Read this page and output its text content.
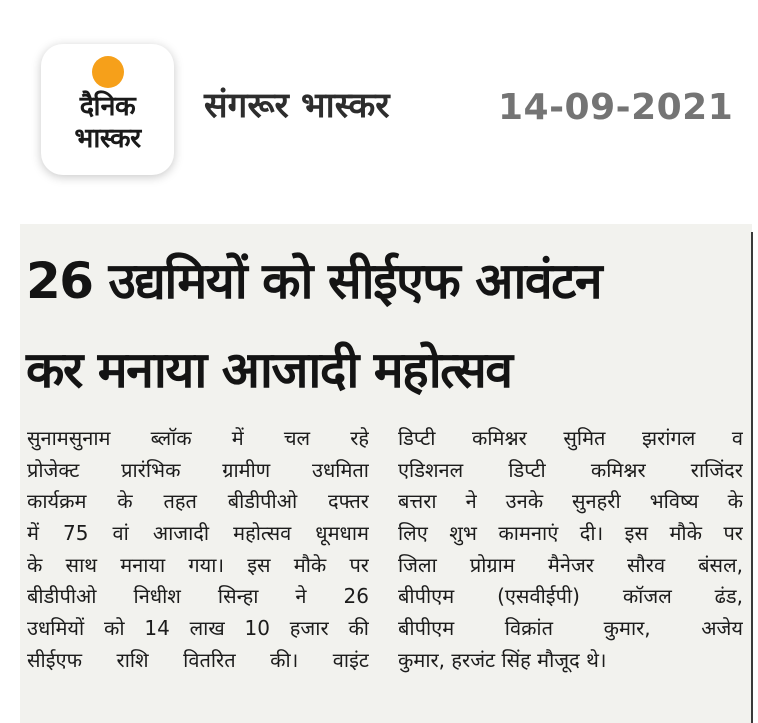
दैनिक
भास्कर
संगरूर भास्कर	14-09-2021
26 उद्यमियों को सीईएफ आवंटन
कर मनाया आजादी महोत्सव
सुनामसुनाम ब्लॉक में चल रहे
प्रोजेक्ट प्रारंभिक ग्रामीण उधमिता
कार्यक्रम के तहत बीडीपीओ दफ्तर
में 75 वां आजादी महोत्सव धूमधाम
के साथ मनाया गया। इस मौके पर
बीडीपीओ निधीश सिन्हा ने 26
उधमियों को 14 लाख 10 हजार की
सीईएफ राशि वितरित की। वाइंट
डिप्टी कमिश्नर सुमित झरांगल व
एडिशनल डिप्टी कमिश्नर राजिंदर
बत्तरा ने उनके सुनहरी भविष्य के
लिए शुभ कामनाएं दी। इस मौके पर
जिला प्रोग्राम मैनेजर सौरव बंसल,
बीपीएम (एसवीईपी) कॉजल ढंड,
बीपीएम विक्रांत कुमार, अजेय
कुमार, हरजंट सिंह मौजूद थे।
